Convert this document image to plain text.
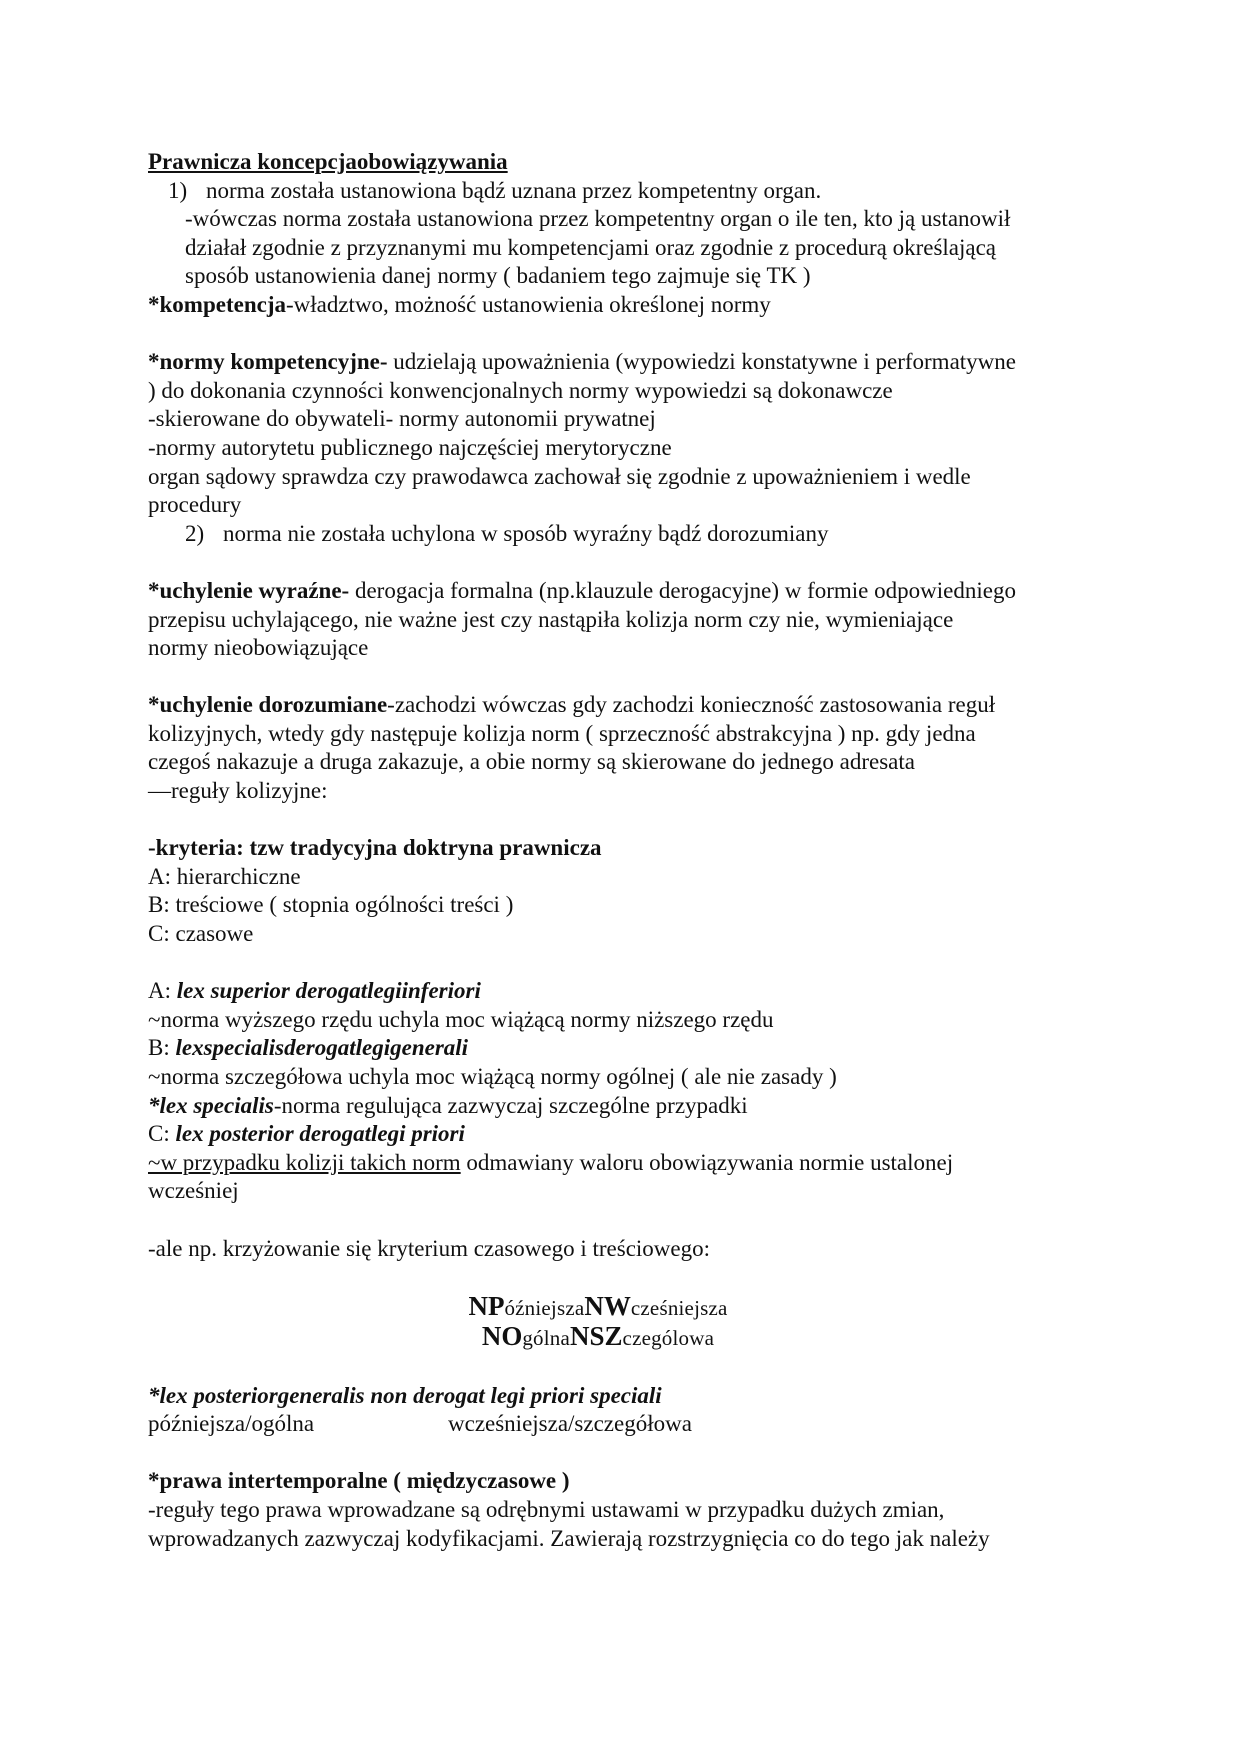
Prawnicza koncepcjaobowiązywania
1) norma została ustanowiona bądź uznana przez kompetentny organ.
-wówczas norma została ustanowiona przez kompetentny organ o ile ten, kto ją ustanowił
działał zgodnie z przyznanymi mu kompetencjami oraz zgodnie z procedurą określającą
sposób ustanowienia danej normy ( badaniem tego zajmuje się TK )
*kompetencja-władztwo, możność ustanowienia określonej normy
*normy kompetencyjne- udzielają upoważnienia (wypowiedzi konstatywne i performatywne
) do dokonania czynności konwencjonalnych normy wypowiedzi są dokonawcze
-skierowane do obywateli- normy autonomii prywatnej
-normy autorytetu publicznego najczęściej merytoryczne
organ sądowy sprawdza czy prawodawca zachował się zgodnie z upoważnieniem i wedle
procedury
2) norma nie została uchylona w sposób wyraźny bądź dorozumiany
*uchylenie wyraźne- derogacja formalna (np.klauzule derogacyjne) w formie odpowiedniego
przepisu uchylającego, nie ważne jest czy nastąpiła kolizja norm czy nie, wymieniające
normy nieobowiązujące
*uchylenie dorozumiane-zachodzi wówczas gdy zachodzi konieczność zastosowania reguł
kolizyjnych, wtedy gdy następuje kolizja norm ( sprzeczność abstrakcyjna ) np. gdy jedna
czegoś nakazuje a druga zakazuje, a obie normy są skierowane do jednego adresata
—reguły kolizyjne:
-kryteria: tzw tradycyjna doktryna prawnicza
A: hierarchiczne
B: treściowe ( stopnia ogólności treści )
C: czasowe
A: lex superior derogatlegiinferiori
~norma wyższego rzędu uchyla moc wiążącą normy niższego rzędu
B: lexspecialisderogatlegigenerali
~norma szczegółowa uchyla moc wiążącą normy ogólnej ( ale nie zasady )
*lex specialis-norma regulująca zazwyczaj szczególne przypadki
C: lex posterior derogatlegi priori
~w przypadku kolizji takich norm odmawiany waloru obowiązywania normie ustalonej
wcześniej
-ale np. krzyżowanie się kryterium czasowego i treściowego:
NPóźniejszaNWcześniejsza
NOgólnaNSZczególowa
*lex posteriorgeneralis non derogat legi priori speciali
późniejsza/ogólna	wcześniejsza/szczegółowa
*prawa intertemporalne ( międzyczasowe )
-reguły tego prawa wprowadzane są odrębnymi ustawami w przypadku dużych zmian,
wprowadzanych zazwyczaj kodyfikacjami. Zawierają rozstrzygnięcia co do tego jak należy
